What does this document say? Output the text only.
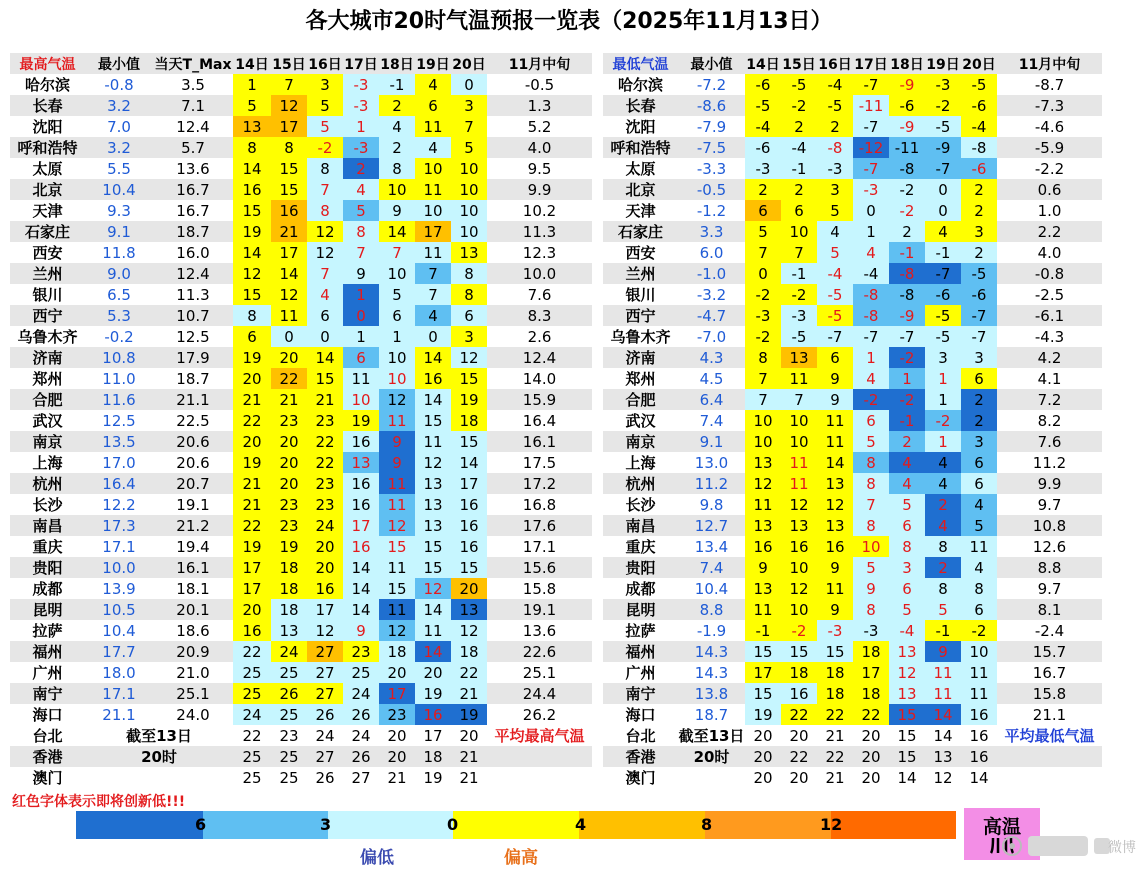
各大城市20时气温预报一览表（2025年11月13日）
最高气温	最小值	当天T_Max	14日	15日	16日	17日	18日	19日	20日	11月中旬
哈尔滨	-0.8	3.5	1	7	3	-3	-1	4	0	-0.5
长春	3.2	7.1	5	12	5	-3	2	6	3	1.3
沈阳	7.0	12.4	13	17	5	1	4	11	7	5.2
呼和浩特	3.2	5.7	8	8	-2	-3	2	4	5	4.0
太原	5.5	13.6	14	15	8	2	8	10	10	9.5
北京	10.4	16.7	16	15	7	4	10	11	10	9.9
天津	9.3	16.7	15	16	8	5	9	10	10	10.2
石家庄	9.1	18.7	19	21	12	8	14	17	10	11.3
西安	11.8	16.0	14	17	12	7	7	11	13	12.3
兰州	9.0	12.4	12	14	7	9	10	7	8	10.0
银川	6.5	11.3	15	12	4	1	5	7	8	7.6
西宁	5.3	10.7	8	11	6	0	6	4	6	8.3
乌鲁木齐	-0.2	12.5	6	0	0	1	1	0	3	2.6
济南	10.8	17.9	19	20	14	6	10	14	12	12.4
郑州	11.0	18.7	20	22	15	11	10	16	15	14.0
合肥	11.6	21.1	21	21	21	10	12	14	19	15.9
武汉	12.5	22.5	22	23	23	19	11	15	18	16.4
南京	13.5	20.6	20	20	22	16	9	11	15	16.1
上海	17.0	20.6	19	20	22	13	9	12	14	17.5
杭州	16.4	20.7	21	20	23	16	11	13	17	17.2
长沙	12.2	19.1	21	23	23	16	11	13	16	16.8
南昌	17.3	21.2	22	23	24	17	12	13	16	17.6
重庆	17.1	19.4	19	19	20	16	15	15	16	17.1
贵阳	10.0	16.1	17	18	20	14	11	15	15	15.6
成都	13.9	18.1	17	18	16	14	15	12	20	15.8
昆明	10.5	20.1	20	18	17	14	11	14	13	19.1
拉萨	10.4	18.6	16	13	12	9	12	11	12	13.6
福州	17.7	20.9	22	24	27	23	18	14	18	22.6
广州	18.0	21.0	25	25	27	25	20	20	22	25.1
南宁	17.1	25.1	25	26	27	24	17	19	21	24.4
海口	21.1	24.0	24	25	26	26	23	16	19	26.2
台北	截至13日		22	23	24	24	20	17	20	平均最高气温
香港	20时		25	25	27	26	20	18	21	
澳门			25	25	26	27	21	19	21	
最低气温	最小值	14日	15日	16日	17日	18日	19日	20日	11月中旬
哈尔滨	-7.2	-6	-5	-4	-7	-9	-3	-5	-8.7
长春	-8.6	-5	-2	-5	-11	-6	-2	-6	-7.3
沈阳	-7.9	-4	2	2	-7	-9	-5	-4	-4.6
呼和浩特	-7.5	-6	-4	-8	-12	-11	-9	-8	-5.9
太原	-3.3	-3	-1	-3	-7	-8	-7	-6	-2.2
北京	-0.5	2	2	3	-3	-2	0	2	0.6
天津	-1.2	6	6	5	0	-2	0	2	1.0
石家庄	3.3	5	10	4	1	2	4	3	2.2
西安	6.0	7	7	5	4	-1	-1	2	4.0
兰州	-1.0	0	-1	-4	-4	-8	-7	-5	-0.8
银川	-3.2	-2	-2	-5	-8	-8	-6	-6	-2.5
西宁	-4.7	-3	-3	-5	-8	-9	-5	-7	-6.1
乌鲁木齐	-7.0	-2	-5	-7	-7	-7	-5	-7	-4.3
济南	4.3	8	13	6	1	-2	3	3	4.2
郑州	4.5	7	11	9	4	1	1	6	4.1
合肥	6.4	7	7	9	-2	-2	1	2	7.2
武汉	7.4	10	10	11	6	-1	-2	2	8.2
南京	9.1	10	10	11	5	2	1	3	7.6
上海	13.0	13	11	14	8	4	4	6	11.2
杭州	11.2	12	11	13	8	4	4	6	9.9
长沙	9.8	11	12	12	7	5	2	4	9.7
南昌	12.7	13	13	13	8	6	4	5	10.8
重庆	13.4	16	16	16	10	8	8	11	12.6
贵阳	7.4	9	10	9	5	3	2	4	8.8
成都	10.4	13	12	11	9	6	8	8	9.7
昆明	8.8	11	10	9	8	5	5	6	8.1
拉萨	-1.9	-1	-2	-3	-3	-4	-1	-2	-2.4
福州	14.3	15	15	15	18	13	9	10	15.7
广州	14.3	17	18	18	17	12	11	11	16.7
南宁	13.8	15	16	18	18	13	11	11	15.8
海口	18.7	19	22	22	22	15	14	16	21.1
台北	截至13日	20	20	21	20	15	14	16	平均最低气温
香港	20时	20	22	22	20	15	13	16	
澳门		20	20	21	20	14	12	14	
红色字体表示即将创新低!!!
6	3	0	4	8	12
偏低	偏高
高温
微博
